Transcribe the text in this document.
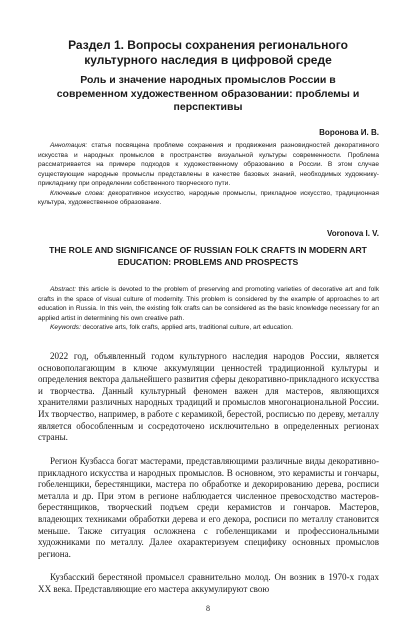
Раздел 1. Вопросы сохранения регионального культурного наследия в цифровой среде
Роль и значение народных промыслов России в современном художественном образовании: проблемы и перспективы

Воронова И. В.

Аннотация: статья посвящена проблеме сохранения и продвижения разновидностей декоративного искусства и народных промыслов в пространстве визуальной культуры современности. Проблема рассматривается на примере подходов к художественному образованию в России. В этом случае существующие народные промыслы представлены в качестве базовых знаний, необходимых художнику-прикладнику при определении собственного творческого пути.

Ключевые слова: декоративное искусство, народные промыслы, прикладное искусство, традиционная культура, художественное образование.

Voronova I. V.

THE ROLE AND SIGNIFICANCE OF RUSSIAN FOLK CRAFTS IN MODERN ART EDUCATION: PROBLEMS AND PROSPECTS

Abstract: this article is devoted to the problem of preserving and promoting varieties of decorative art and folk crafts in the space of visual culture of modernity. This problem is considered by the example of approaches to art education in Russia. In this vein, the existing folk crafts can be considered as the basic knowledge necessary for an applied artist in determining his own creative path.

Keywords: decorative arts, folk crafts, applied arts, traditional culture, art education.

2022 год, объявленный годом культурного наследия народов России, является основополагающим в ключе аккумуляции ценностей традиционной культуры и определения вектора дальнейшего развития сферы декоративно-прикладного искусства и творчества. Данный культурный феномен важен для мастеров, являющихся хранителями различных народных традиций и промыслов многонациональной России. Их творчество, например, в работе с керамикой, берестой, росписью по дереву, металлу является обособленным и сосредоточено исключительно в определенных регионах страны.

Регион Кузбасса богат мастерами, представляющими различные виды декоративно-прикладного искусства и народных промыслов. В основном, это керамисты и гончары, гобеленщики, берестянщики, мастера по обработке и декорированию дерева, росписи металла и др. При этом в регионе наблюдается численное превосходство мастеров-берестянщиков, творческий подъем среди керамистов и гончаров. Мастеров, владеющих техниками обработки дерева и его декора, росписи по металлу становится меньше. Также ситуация осложнена с гобеленщиками и профессиональными художниками по металлу. Далее охарактеризуем специфику основных промыслов региона.

Кузбасский берестяной промысел сравнительно молод. Он возник в 1970-х годах XX века. Представляющие его мастера аккумулируют свою

8
